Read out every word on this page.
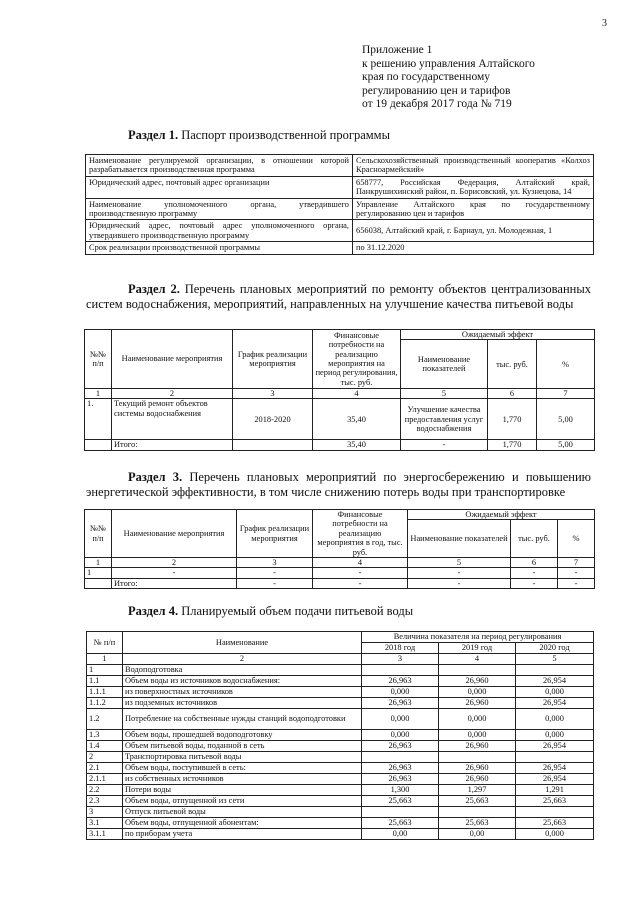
3
Приложение 1
к решению управления Алтайского
края по государственному
регулированию цен и тарифов
от 19 декабря 2017 года № 719
Раздел 1. Паспорт производственной программы
Наименование регулируемой организации, в отношении которой разрабатывается производственная программа	Сельскохозяйственный производственный кооператив «Колхоз Красноармейский»
Юридический адрес, почтовый адрес организации	658777, Российская Федерация, Алтайский край, Панкрушихинский район, п. Борисовский, ул. Кузнецова, 14
Наименование уполномоченного органа, утвердившего производственную программу	Управление Алтайского края по государственному регулированию цен и тарифов
Юридический адрес, почтовый адрес уполномоченного органа, утвердившего производственную программу	656038, Алтайский край, г. Барнаул, ул. Молодежная, 1
Срок реализации производственной программы	по 31.12.2020
Раздел 2. Перечень плановых мероприятий по ремонту объектов централизованных систем водоснабжения, мероприятий, направленных на улучшение качества питьевой воды
№№ п/п	Наименование мероприятия	График реализации мероприятия	Финансовые потребности на реализацию мероприятия на период регулирования, тыс. руб.	Ожидаемый эффект		
				Наименование показателей	тыс. руб.	%
1	2	3	4	5	6	7
1.	Текущий ремонт объектов системы водоснабжения	2018-2020	35,40	Улучшение качества предоставления услуг водоснабжения	1,770	5,00
	Итого:		35,40	-	1,770	5,00
Раздел 3. Перечень плановых мероприятий по энергосбережению и повышению энергетической эффективности, в том числе снижению потерь воды при транспортировке
№№ п/п	Наименование мероприятия	График реализации мероприятия	Финансовые потребности на реализацию мероприятия в год, тыс. руб.	Ожидаемый эффект		
				Наименование показателей	тыс. руб.	%
1	2	3	4	5	6	7
1	-	-	-	-	-	-
	Итого:	-	-	-	-	-
Раздел 4. Планируемый объем подачи питьевой воды
№ п/п	Наименование	Величина показателя на период регулирования		
		2018 год	2019 год	2020 год
1	2	3	4	5
1	Водоподготовка			
1.1	Объем воды из источников водоснабжения:	26,963	26,960	26,954
1.1.1	из поверхностных источников	0,000	0,000	0,000
1.1.2	из подземных источников	26,963	26,960	26,954
1.2	Потребление на собственные нужды станций водоподготовки	0,000	0,000	0,000
1.3	Объем воды, прошедшей водоподготовку	0,000	0,000	0,000
1.4	Объем питьевой воды, поданной в сеть	26,963	26,960	26,954
2	Транспортировка питьевой воды			
2.1	Объем воды, поступившей в сеть:	26,963	26,960	26,954
2.1.1	из собственных источников	26,963	26,960	26,954
2.2	Потери воды	1,300	1,297	1,291
2.3	Объем воды, отпущенной из сети	25,663	25,663	25,663
3	Отпуск питьевой воды			
3.1	Объем воды, отпущенной абонентам:	25,663	25,663	25,663
3.1.1	по приборам учета	0,00	0,00	0,000
